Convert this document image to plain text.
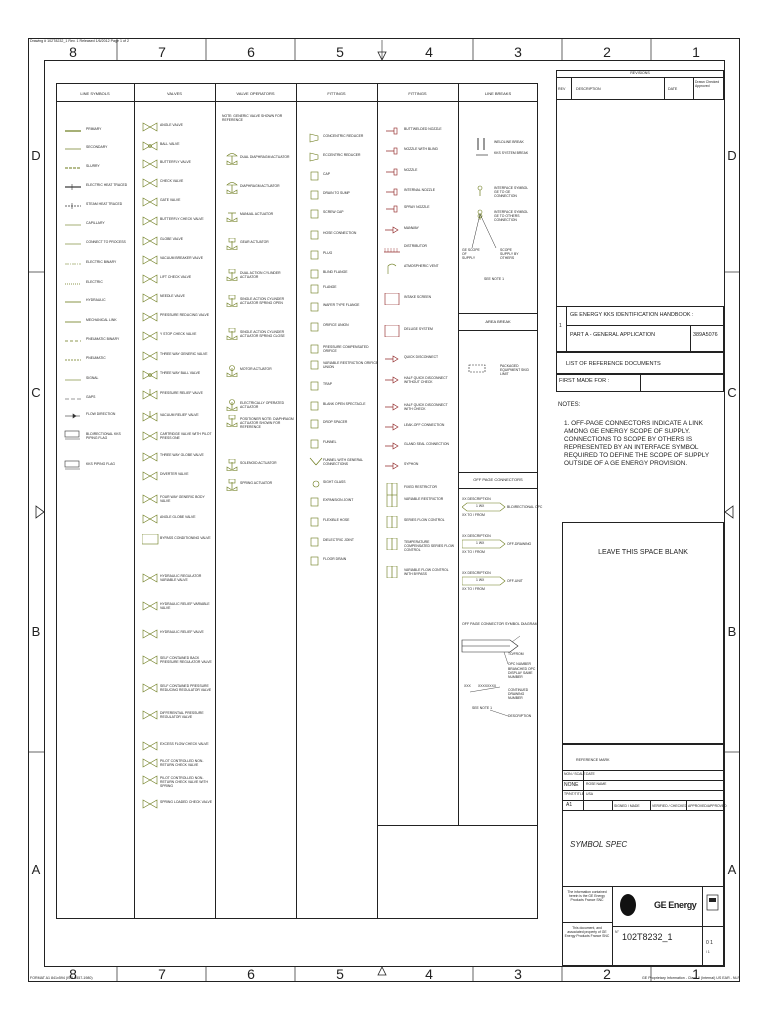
Drawing # 102T8232_1 Rev. 1 Released 1/6/2012 Page 1 of 2
8	7	6	5	4	3	2	1
8	7	6	5	4	3	2	1
D
C
B
A
D
C
B
A
LINE SYMBOLS	VALVES	VALVE OPERATORS	FITTINGS	FITTINGS	LINE BREAKS
AREA BREAK
OFF PAGE CONNECTORS
NOTE: GENERIC VALVE SHOWN FOR REFERENCE
PRIMARY
SECONDARY
SLURRY
ELECTRIC HEAT TRACED
STEAM HEAT TRACED
CAPILLARY
CONNECT TO PROCESS
ELECTRIC BINARY
ELECTRIC
HYDRAULIC
MECHANICAL LINK
PNEUMATIC BINARY
PNEUMATIC
SIGNAL
GAPS
FLOW DIRECTION
BI-DIRECTIONAL KKS PIPING FLAG
KKS PIPING FLAG
ANGLE VALVE
BALL VALVE
BUTTERFLY VALVE
CHECK VALVE
GATE VALVE
BUTTERFLY CHECK VALVE
GLOBE VALVE
VACUUM BREAKER VALVE
LIFT CHECK VALVE
NEEDLE VALVE
PRESSURE REDUCING VALVE
Y STOP CHECK VALVE
THREE WAY GENERIC VALVE
THREE WAY BALL VALVE
PRESSURE RELIEF VALVE
VACUUM RELIEF VALVE
CARTRIDGE VALVE WITH PILOT PRESS ONE
THREE WAY GLOBE VALVE
DIVERTER VALVE
FOUR WAY GENERIC BODY VALVE
ANGLE GLOBE VALVE
BYPASS CONDITIONING VALVE
HYDRAULIC REGULATOR VARIABLE VALVE
HYDRAULIC RELIEF VARIABLE VALVE
HYDRAULIC RELIEF VALVE
SELF CONTAINED BACK PRESSURE REGULATOR VALVE
SELF CONTAINED PRESSURE REDUCING REGULATOR VALVE
DIFFERENTIAL PRESSURE REGULATOR VALVE
EXCESS FLOW CHECK VALVE
PILOT CONTROLLED NON-RETURN CHECK VALVE
PILOT CONTROLLED NON-RETURN CHECK VALVE WITH SPRING
SPRING LOADED CHECK VALVE
DUAL DIAPHRAGM ACTUATOR
DIAPHRAGM ACTUATOR
MANUAL ACTUATOR
GEAR ACTUATOR
DUAL ACTION CYLINDER ACTUATOR
SINGLE ACTION CYLINDER ACTUATOR SPRING OPEN
SINGLE ACTION CYLINDER ACTUATOR SPRING CLOSE
MOTOR ACTUATOR
ELECTRICALLY OPERATED ACTUATOR
POSITIONER NOTE: DIAPHRAGM ACTUATOR SHOWN FOR REFERENCE
SOLENOID ACTUATOR
SPRING ACTUATOR
CONCENTRIC REDUCER
ECCENTRIC REDUCER
CAP
DRAIN TO SUMP
SCREW CAP
HOSE CONNECTION
PLUG
BLIND FLANGE
FLANGE
WAFER TYPE FLANGE
ORIFICE UNION
PRESSURE COMPENSATED ORIFICE
VARIABLE RESTRICTION ORIFICE UNION
TRAP
BLANK OPEN SPECTACLE
DROP SPACER
FUNNEL
FUNNEL WITH GENERAL CONNECTIONS
SIGHT GLASS
EXPANSION JOINT
FLEXIBLE HOSE
DIELECTRIC JOINT
FLOOR DRAIN
BUTTWELDED NOZZLE
NOZZLE WITH BLIND
NOZZLE
INTERNAL NOZZLE
SPRAY NOZZLE
MANWAY
DISTRIBUTOR
ATMOSPHERIC VENT
INTAKE SCREEN
DELUGE SYSTEM
QUICK DISCONNECT
HALF QUICK DISCONNECT WITHOUT CHECK
HALF QUICK DISCONNECT WITH CHECK
LEAK-OFF CONNECTION
GLAND SEAL CONNECTION
SYPHON
FIXED RESTRICTOR
VARIABLE RESTRICTOR
SERIES FLOW CONTROL
TEMPERATURE COMPENSATED SERIES FLOW CONTROL
VARIABLE FLOW CONTROL WITH BYPASS
WELDLINE BREAK
KKS SYSTEM BREAK
INTERFACE SYMBOL GE TO GE CONNECTION
INTERFACE SYMBOL GE TO OTHERS CONNECTION
GE SCOPE OF SUPPLY
SCOPE SUPPLY BY OTHERS
SEE NOTE 1
PACKAGED EQUIPMENT SKID LIMIT
XX DESCRIPTION
1 WX
XX TO / FROM
BI-DIRECTIONAL OPC
XX DESCRIPTION
1 WX
XX TO / FROM
OFF-DRAWING
XX DESCRIPTION
1 WX
XX TO / FROM
OFF-UNIT
OFF PAGE CONNECTOR SYMBOL DIAGRAM
TO/FROM
OPC NUMBER
BRANCHED OPC DISPLAY SAME NUMBER
XXX XXXXXXXX
CONTINUED DRAWING NUMBER
SEE NOTE 1
DESCRIPTION
REVISIONS
REV	DESCRIPTION	DATE
Drawn Checked Approved
1
GE ENERGY KKS IDENTIFICATION HANDBOOK :
PART A - GENERAL APPLICATION	389A5076
LIST OF REFERENCE DOCUMENTS
FIRST MADE FOR :
NOTES:
1. OFF-PAGE CONNECTORS INDICATE A LINK AMONG GE ENERGY SCOPE OF SUPPLY. CONNECTIONS TO SCOPE BY OTHERS IS REPRESENTED BY AN INTERFACE SYMBOL REQUIRED TO DEFINE THE SCOPE OF SUPPLY OUTSIDE OF A GE ENERGY PROVISION.
LEAVE THIS SPACE BLANK
REFERENCE MARK
NON / SCALE DATE
NONE ROSE NAME
TP/NT/TITLE USA
A1	SIGNED / MADE	VERIFIED / CHECKED APPROVED/APPROVED
SYMBOL SPEC
The information contained herein is the GE Energy Products France SNC
This document, and associated property of GE Energy Products France SNC
GE Energy
N° 102T8232_1
0 1
/ 1
FORMAT A1 841x594 (ISO 5457-1980)	GE Proprietary Information - Class II (Internal) US EAR - NLR
